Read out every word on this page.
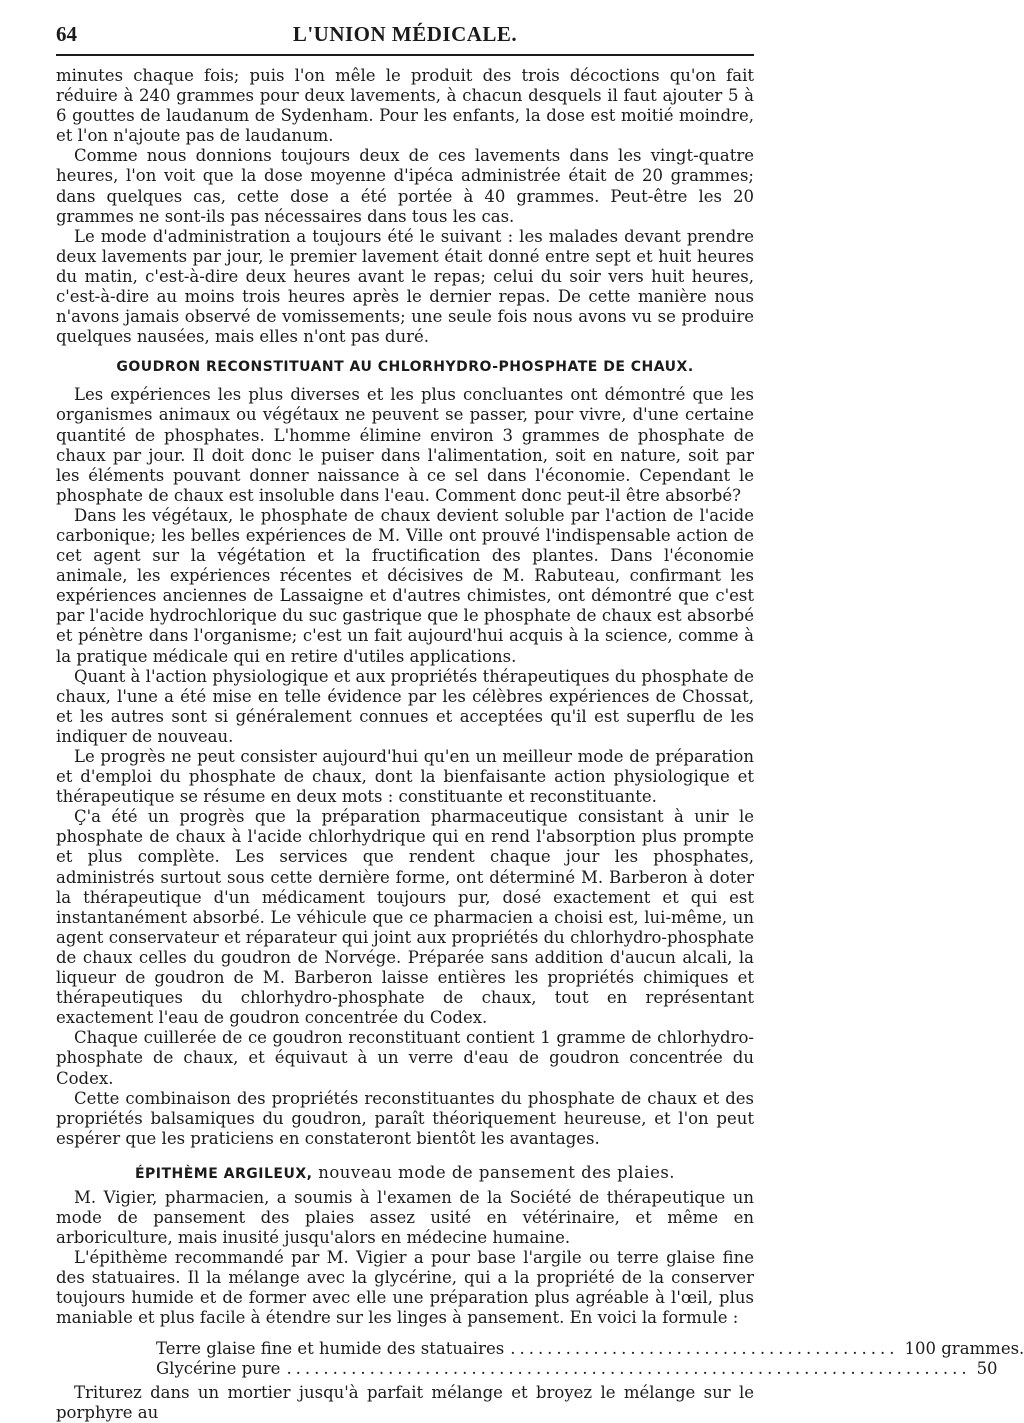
64	L'UNION MÉDICALE.

minutes chaque fois; puis l'on mêle le produit des trois décoctions qu'on fait réduire à 240 grammes pour deux lavements, à chacun desquels il faut ajouter 5 à 6 gouttes de laudanum de Sydenham. Pour les enfants, la dose est moitié moindre, et l'on n'ajoute pas de laudanum.

Comme nous donnions toujours deux de ces lavements dans les vingt-quatre heures, l'on voit que la dose moyenne d'ipéca administrée était de 20 grammes; dans quelques cas, cette dose a été portée à 40 grammes. Peut-être les 20 grammes ne sont-ils pas nécessaires dans tous les cas.

Le mode d'administration a toujours été le suivant : les malades devant prendre deux lavements par jour, le premier lavement était donné entre sept et huit heures du matin, c'est-à-dire deux heures avant le repas; celui du soir vers huit heures, c'est-à-dire au moins trois heures après le dernier repas. De cette manière nous n'avons jamais observé de vomissements; une seule fois nous avons vu se produire quelques nausées, mais elles n'ont pas duré.

GOUDRON RECONSTITUANT AU CHLORHYDRO-PHOSPHATE DE CHAUX.

Les expériences les plus diverses et les plus concluantes ont démontré que les organismes animaux ou végétaux ne peuvent se passer, pour vivre, d'une certaine quantité de phosphates. L'homme élimine environ 3 grammes de phosphate de chaux par jour. Il doit donc le puiser dans l'alimentation, soit en nature, soit par les éléments pouvant donner naissance à ce sel dans l'économie. Cependant le phosphate de chaux est insoluble dans l'eau. Comment donc peut-il être absorbé?

Dans les végétaux, le phosphate de chaux devient soluble par l'action de l'acide carbonique; les belles expériences de M. Ville ont prouvé l'indispensable action de cet agent sur la végétation et la fructification des plantes. Dans l'économie animale, les expériences récentes et décisives de M. Rabuteau, confirmant les expériences anciennes de Lassaigne et d'autres chimistes, ont démontré que c'est par l'acide hydrochlorique du suc gastrique que le phosphate de chaux est absorbé et pénètre dans l'organisme; c'est un fait aujourd'hui acquis à la science, comme à la pratique médicale qui en retire d'utiles applications.

Quant à l'action physiologique et aux propriétés thérapeutiques du phosphate de chaux, l'une a été mise en telle évidence par les célèbres expériences de Chossat, et les autres sont si généralement connues et acceptées qu'il est superflu de les indiquer de nouveau.

Le progrès ne peut consister aujourd'hui qu'en un meilleur mode de préparation et d'emploi du phosphate de chaux, dont la bienfaisante action physiologique et thérapeutique se résume en deux mots : constituante et reconstituante.

Ç'a été un progrès que la préparation pharmaceutique consistant à unir le phosphate de chaux à l'acide chlorhydrique qui en rend l'absorption plus prompte et plus complète. Les services que rendent chaque jour les phosphates, administrés surtout sous cette dernière forme, ont déterminé M. Barberon à doter la thérapeutique d'un médicament toujours pur, dosé exactement et qui est instantanément absorbé. Le véhicule que ce pharmacien a choisi est, lui-même, un agent conservateur et réparateur qui joint aux propriétés du chlorhydro-phosphate de chaux celles du goudron de Norvége. Préparée sans addition d'aucun alcali, la liqueur de goudron de M. Barberon laisse entières les propriétés chimiques et thérapeutiques du chlorhydro-phosphate de chaux, tout en représentant exactement l'eau de goudron concentrée du Codex.

Chaque cuillerée de ce goudron reconstituant contient 1 gramme de chlorhydro-phosphate de chaux, et équivaut à un verre d'eau de goudron concentrée du Codex.

Cette combinaison des propriétés reconstituantes du phosphate de chaux et des propriétés balsamiques du goudron, paraît théoriquement heureuse, et l'on peut espérer que les praticiens en constateront bientôt les avantages.

ÉPITHÈME ARGILEUX, nouveau mode de pansement des plaies.

M. Vigier, pharmacien, a soumis à l'examen de la Société de thérapeutique un mode de pansement des plaies assez usité en vétérinaire, et même en arboriculture, mais inusité jusqu'alors en médecine humaine.

L'épithème recommandé par M. Vigier a pour base l'argile ou terre glaise fine des statuaires. Il la mélange avec la glycérine, qui a la propriété de la conserver toujours humide et de former avec elle une préparation plus agréable à l'œil, plus maniable et plus facile à étendre sur les linges à pansement. En voici la formule :

Terre glaise fine et humide des statuaires .......................................... 100 grammes.
Glycérine pure .......................................................................... 50

Triturez dans un mortier jusqu'à parfait mélange et broyez le mélange sur le porphyre au
